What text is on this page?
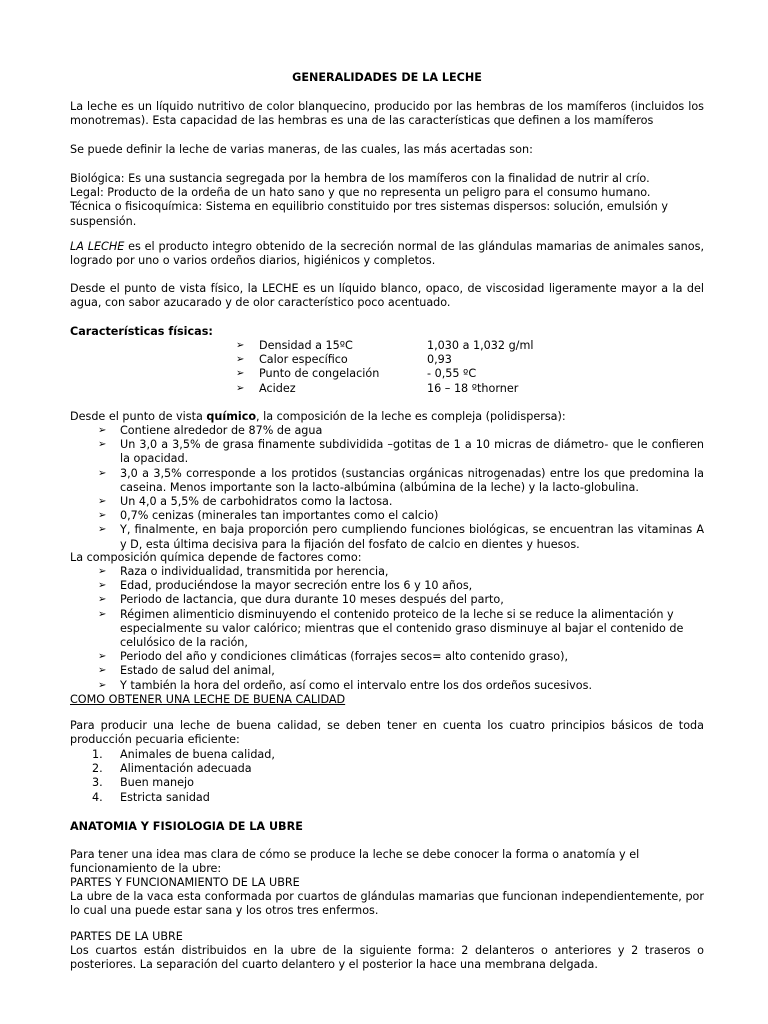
GENERALIDADES DE LA LECHE

La leche es un líquido nutritivo de color blanquecino, producido por las hembras de los mamíferos (incluidos los monotremas). Esta capacidad de las hembras es una de las características que definen a los mamíferos

Se puede definir la leche de varias maneras, de las cuales, las más acertadas son:

Biológica: Es una sustancia segregada por la hembra de los mamíferos con la finalidad de nutrir al crío.

Legal: Producto de la ordeña de un hato sano y que no representa un peligro para el consumo humano.

Técnica o fisicoquímica: Sistema en equilibrio constituido por tres sistemas dispersos: solución, emulsión y suspensión.

LA LECHE es el producto integro obtenido de la secreción normal de las glándulas mamarias de animales sanos, logrado por uno o varios ordeños diarios, higiénicos y completos.

Desde el punto de vista físico, la LECHE es un líquido blanco, opaco, de viscosidad ligeramente mayor a la del agua, con sabor azucarado y de olor característico poco acentuado.

Características físicas:

➢ Densidad a 15ºC	1,030 a 1,032 g/ml
➢ Calor específico	0,93
➢ Punto de congelación	- 0,55 ºC
➢ Acidez	16 – 18 ºthorner

Desde el punto de vista químico, la composición de la leche es compleja (polidispersa):

➢ Contiene alrededor de 87% de agua
➢ Un 3,0 a 3,5% de grasa finamente subdividida –gotitas de 1 a 10 micras de diámetro- que le confieren la opacidad.
➢ 3,0 a 3,5% corresponde a los protidos (sustancias orgánicas nitrogenadas) entre los que predomina la caseina. Menos importante son la lacto-albúmina (albúmina de la leche) y la lacto-globulina.
➢ Un 4,0 a 5,5% de carbohidratos como la lactosa.
➢ 0,7% cenizas (minerales tan importantes como el calcio)
➢ Y, finalmente, en baja proporción pero cumpliendo funciones biológicas, se encuentran las vitaminas A y D, esta última decisiva para la fijación del fosfato de calcio en dientes y huesos.

La composición química depende de factores como:

➢ Raza o individualidad, transmitida por herencia,
➢ Edad, produciéndose la mayor secreción entre los 6 y 10 años,
➢ Periodo de lactancia, que dura durante 10 meses después del parto,
➢ Régimen alimenticio disminuyendo el contenido proteico de la leche si se reduce la alimentación y especialmente su valor calórico; mientras que el contenido graso disminuye al bajar el contenido de celulósico de la ración,
➢ Periodo del año y condiciones climáticas (forrajes secos= alto contenido graso),
➢ Estado de salud del animal,
➢ Y también la hora del ordeño, así como el intervalo entre los dos ordeños sucesivos.

COMO OBTENER UNA LECHE DE BUENA CALIDAD

Para producir una leche de buena calidad, se deben tener en cuenta los cuatro principios básicos de toda producción pecuaria eficiente:

1. Animales de buena calidad,
2. Alimentación adecuada
3. Buen manejo
4. Estricta sanidad

ANATOMIA Y FISIOLOGIA DE LA UBRE

Para tener una idea mas clara de cómo se produce la leche se debe conocer la forma o anatomía y el funcionamiento de la ubre:

PARTES Y FUNCIONAMIENTO DE LA UBRE

La ubre de la vaca esta conformada por cuartos de glándulas mamarias que funcionan independientemente, por lo cual una puede estar sana y los otros tres enfermos.

PARTES DE LA UBRE

Los cuartos están distribuidos en la ubre de la siguiente forma: 2 delanteros o anteriores y 2 traseros o posteriores. La separación del cuarto delantero y el posterior la hace una membrana delgada.
